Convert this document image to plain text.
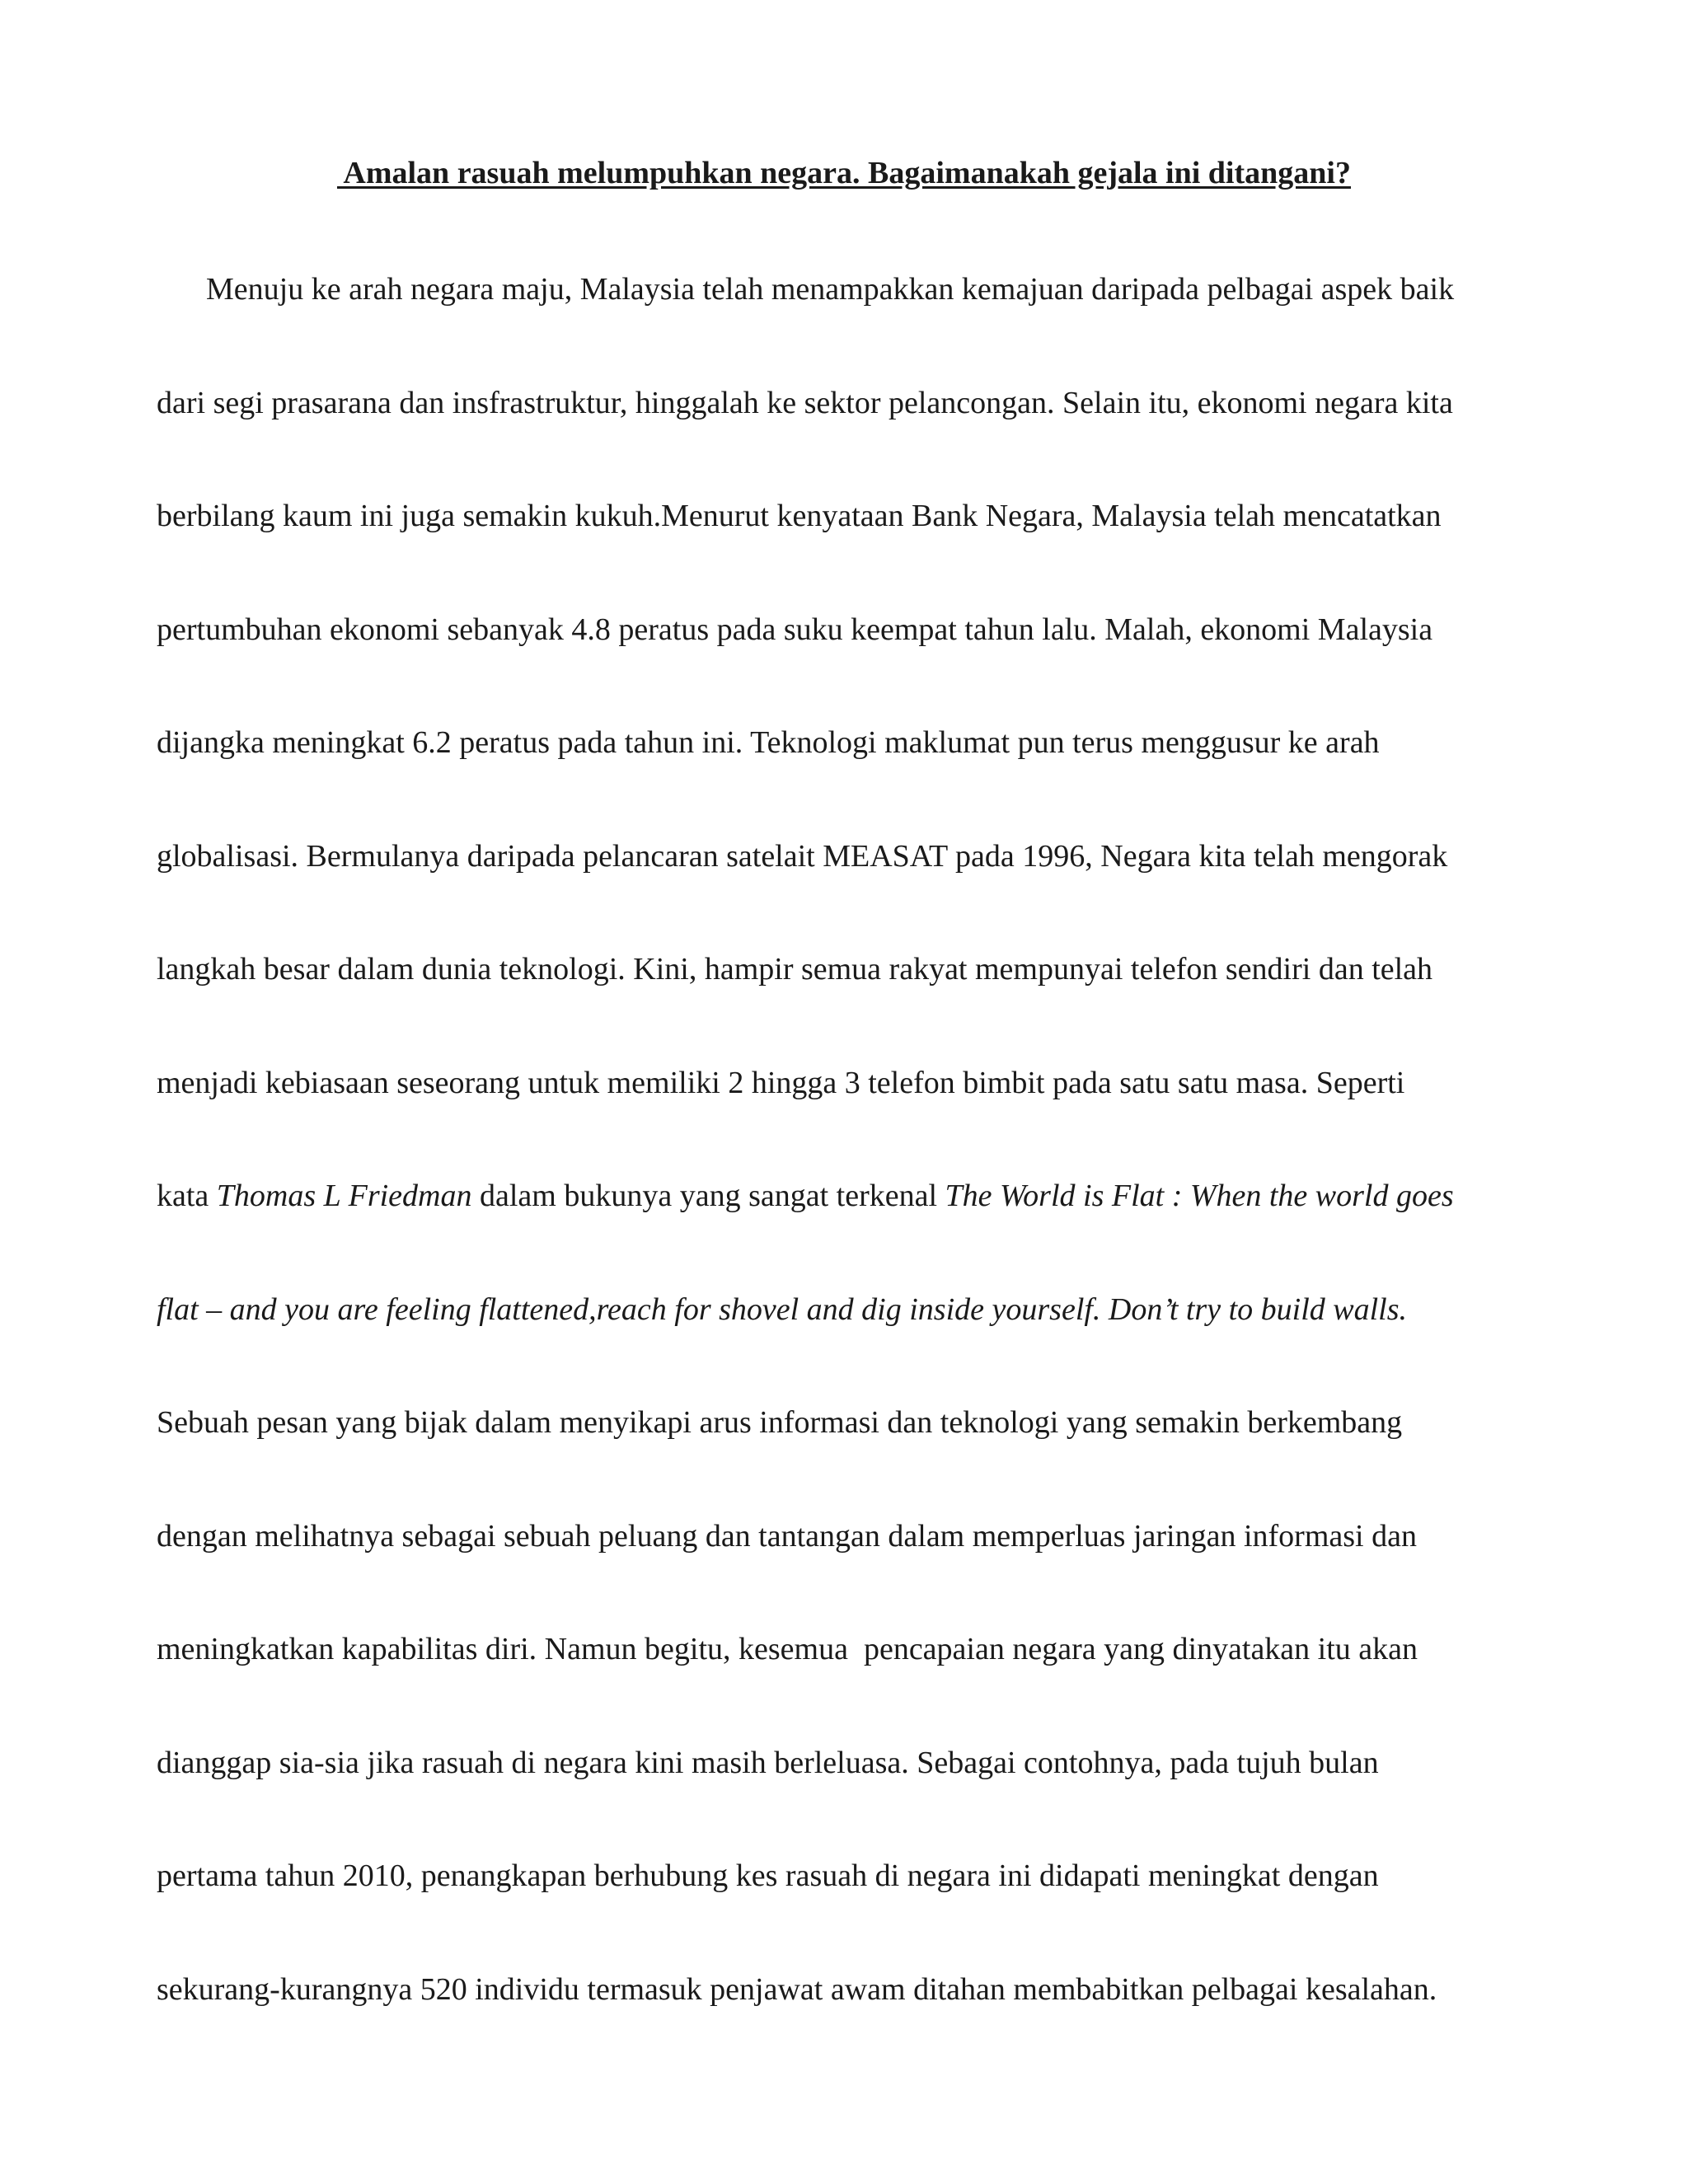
Amalan rasuah melumpuhkan negara. Bagaimanakah gejala ini ditangani?
Menuju ke arah negara maju, Malaysia telah menampakkan kemajuan daripada pelbagai aspek baik
dari segi prasarana dan insfrastruktur, hinggalah ke sektor pelancongan. Selain itu, ekonomi negara kita
berbilang kaum ini juga semakin kukuh.Menurut kenyataan Bank Negara, Malaysia telah mencatatkan
pertumbuhan ekonomi sebanyak 4.8 peratus pada suku keempat tahun lalu. Malah, ekonomi Malaysia
dijangka meningkat 6.2 peratus pada tahun ini. Teknologi maklumat pun terus menggusur ke arah
globalisasi. Bermulanya daripada pelancaran satelait MEASAT pada 1996, Negara kita telah mengorak
langkah besar dalam dunia teknologi. Kini, hampir semua rakyat mempunyai telefon sendiri dan telah
menjadi kebiasaan seseorang untuk memiliki 2 hingga 3 telefon bimbit pada satu satu masa. Seperti
kata Thomas L Friedman dalam bukunya yang sangat terkenal The World is Flat : When the world goes
flat – and you are feeling flattened,reach for shovel and dig inside yourself. Don’t try to build walls.
Sebuah pesan yang bijak dalam menyikapi arus informasi dan teknologi yang semakin berkembang
dengan melihatnya sebagai sebuah peluang dan tantangan dalam memperluas jaringan informasi dan
meningkatkan kapabilitas diri. Namun begitu, kesemua  pencapaian negara yang dinyatakan itu akan
dianggap sia-sia jika rasuah di negara kini masih berleluasa. Sebagai contohnya, pada tujuh bulan
pertama tahun 2010, penangkapan berhubung kes rasuah di negara ini didapati meningkat dengan
sekurang-kurangnya 520 individu termasuk penjawat awam ditahan membabitkan pelbagai kesalahan.
